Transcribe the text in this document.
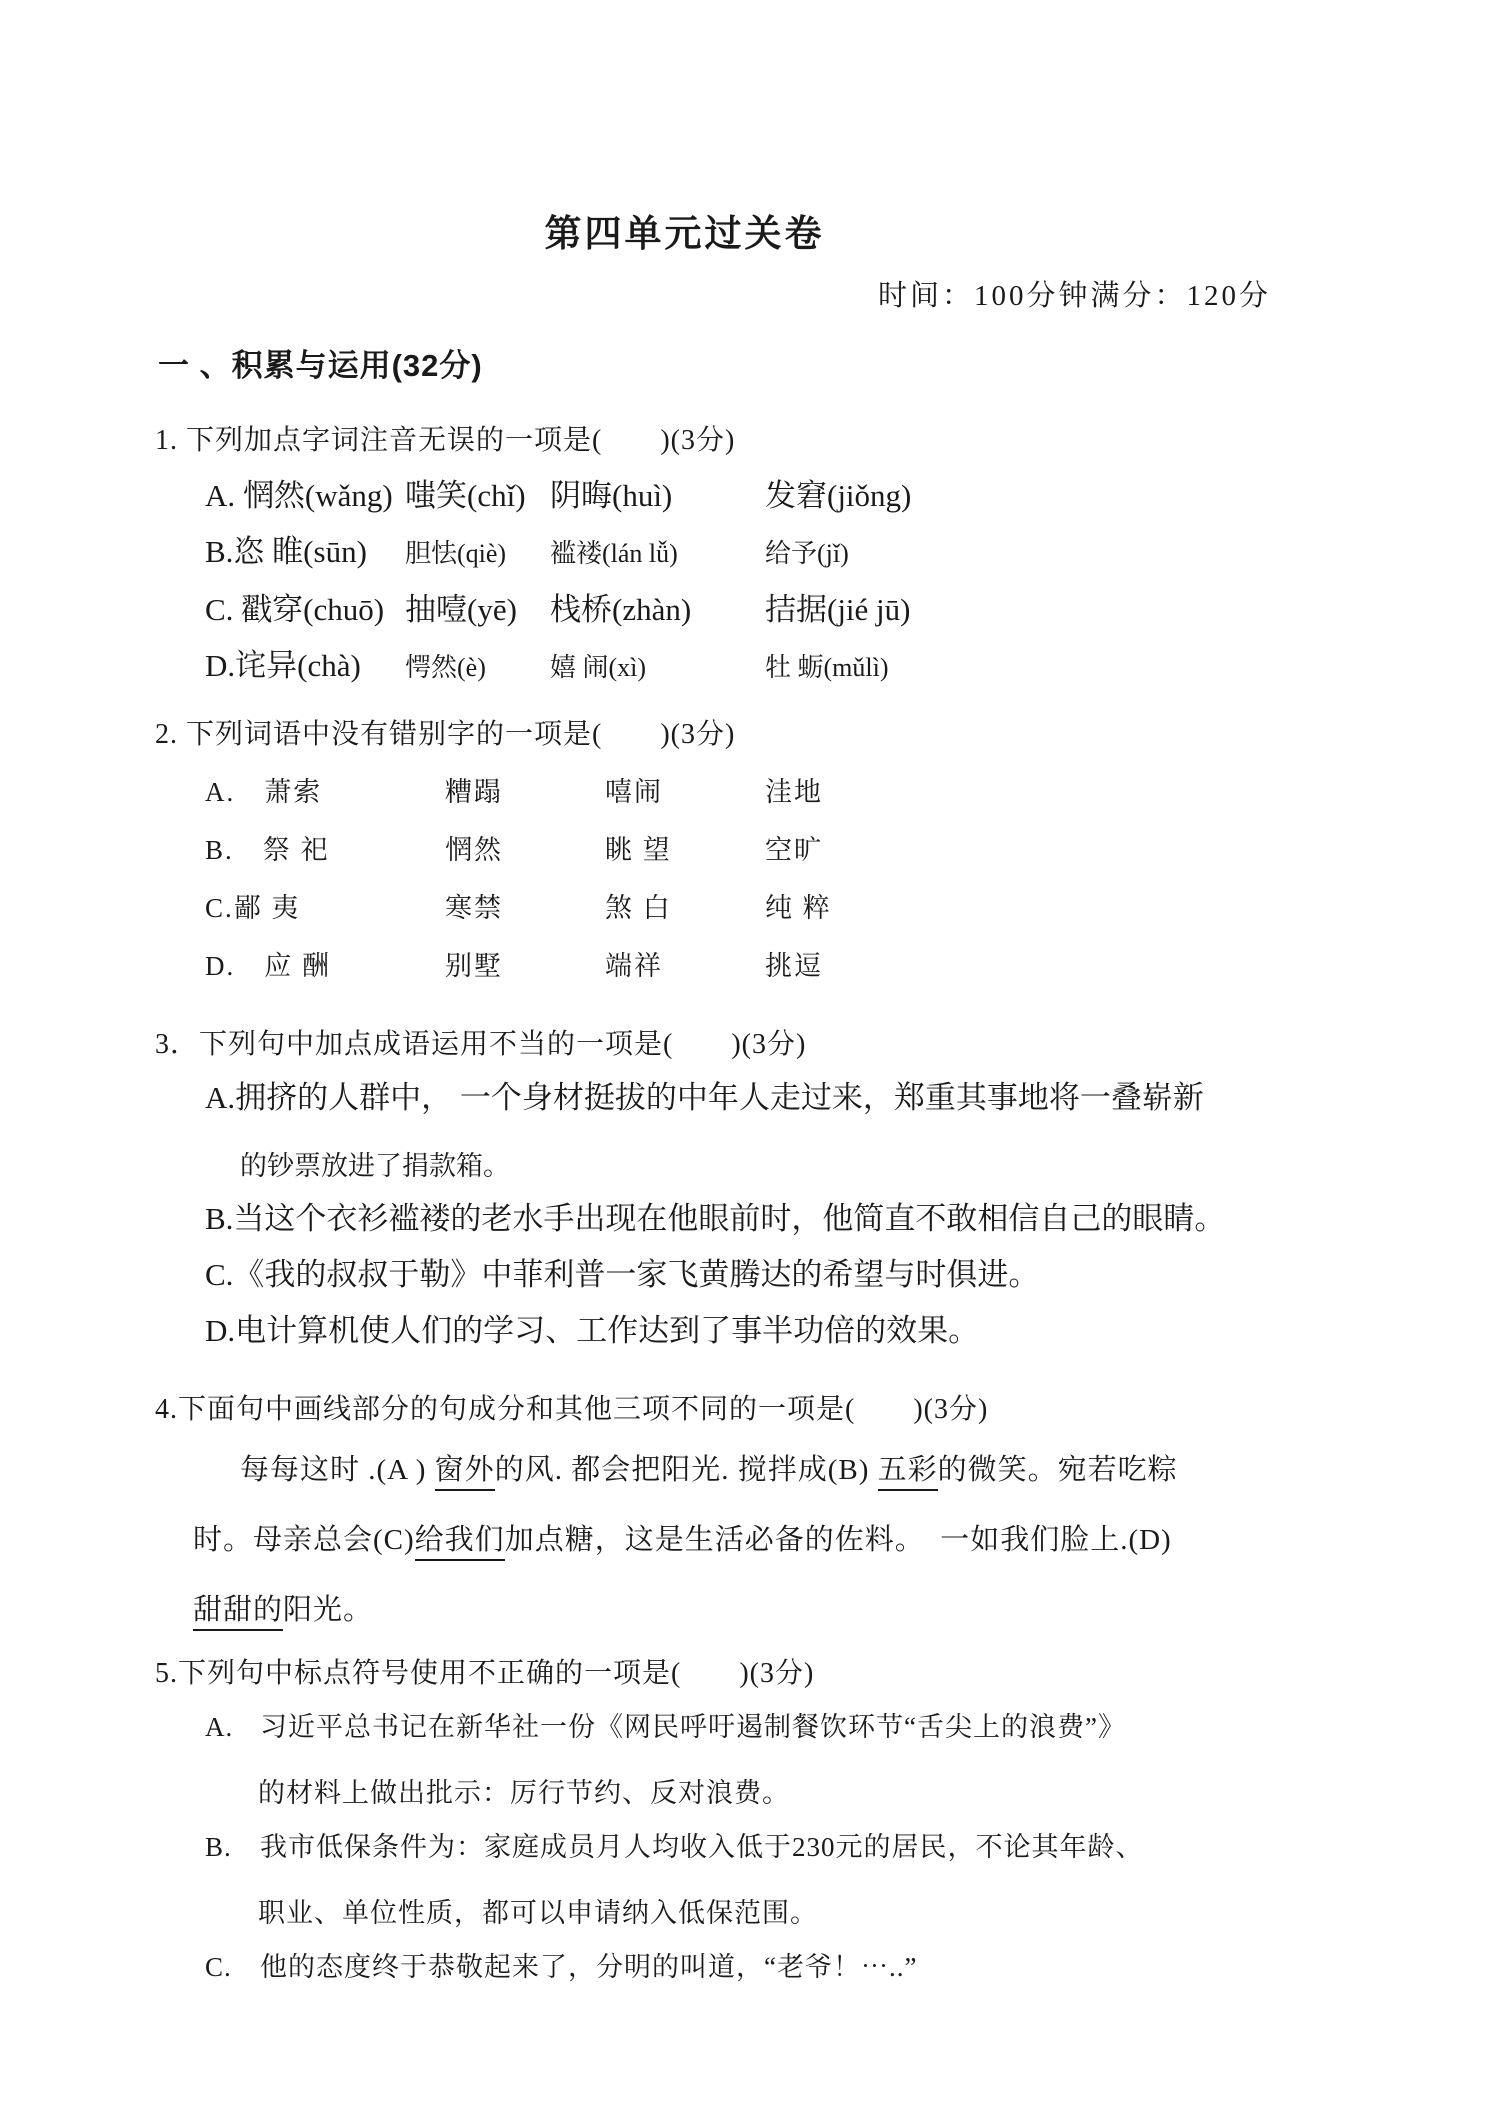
第四单元过关卷
时间：100分钟满分：120分
一 、积累与运用(32分)
1. 下列加点字词注音无误的一项是(　　)(3分)
A. 惘然(wǎng) 嗤笑(chǐ) 阴晦(huì)	发窘(jiǒng)
B.恣 睢(sūn)	胆怯(qiè)	褴褛(lán lǚ)	给予(jǐ)
C. 戳穿(chuō) 抽噎(yē)	栈桥(zhàn)	拮据(jié jū)
D.诧异(chà)	愕然(è)	嬉 闹(xì)	牡 蛎(mǔlì)
2. 下列词语中没有错别字的一项是(　　)(3分)
A.　 萧索	糟蹋	嘻闹	洼地
B.　 祭 祀	惘然	眺 望	空旷
C.鄙 夷	寒禁	煞 白	纯 粹
D.　 应 酬	别墅	端祥	挑逗
3．下列句中加点成语运用不当的一项是(　　)(3分)
A.拥挤的人群中， 一个身材挺拔的中年人走过来，郑重其事地将一叠崭新
的钞票放进了捐款箱。
B.当这个衣衫褴褛的老水手出现在他眼前时，他简直不敢相信自己的眼睛。
C.《我的叔叔于勒》中菲利普一家飞黄腾达的希望与时俱进。
D.电计算机使人们的学习、工作达到了事半功倍的效果。
4.下面句中画线部分的句成分和其他三项不同的一项是(　　)(3分)
每每这时 .(A ) 窗外的风. 都会把阳光. 搅拌成(B) 五彩的微笑。宛若吃粽
时。母亲总会(C)给我们加点糖，这是生活必备的佐料。　一如我们脸上.(D)
甜甜的阳光。
5.下列句中标点符号使用不正确的一项是(　　)(3分)
A. 习近平总书记在新华社一份《网民呼吁遏制餐饮环节“舌尖上的浪费”》
的材料上做出批示：厉行节约、反对浪费。
B.	我市低保条件为：家庭成员月人均收入低于230元的居民，不论其年龄、
职业、单位性质，都可以申请纳入低保范围。
C.	他的态度终于恭敬起来了，分明的叫道，“老爷！⋯..”
